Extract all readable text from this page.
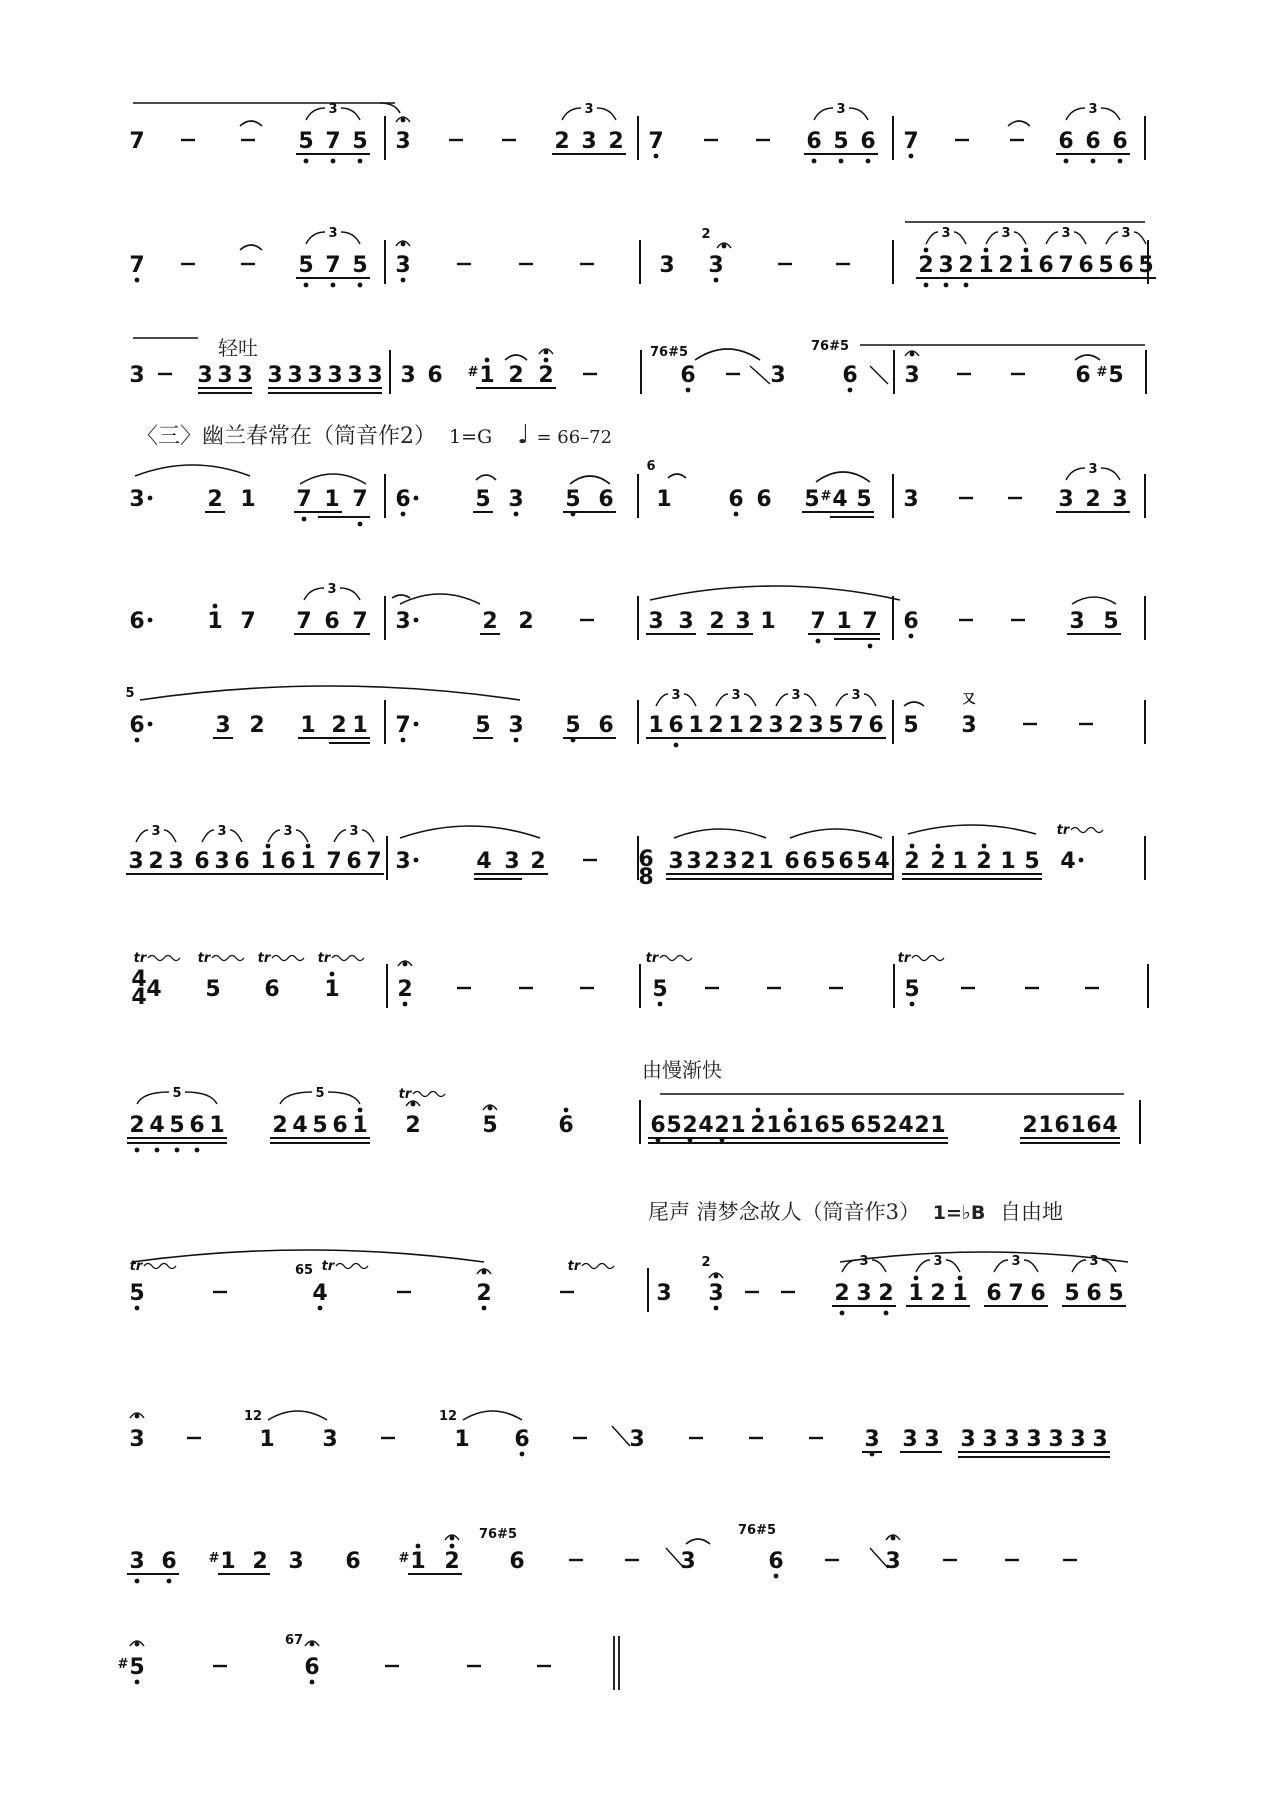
轻吐
〈三〉幽兰春常在（筒音作2） 1=G ♩ = 66–72
由慢渐快
尾声 清梦念故人（筒音作3） 1=♭B 自由地
7	5 7 5 3	2 3 2 7	6 5 6 7	6 6 6
3	3	3	3
7	5 7 5 3	3 3	2 3 2 1 2 1 6 7 6 5 6 5
3	3	3	3	3
2
3 3 3 3 3 3 3 3 3 3 3 6 1
# 2 2	6	3	6 3	6 5
#
76#5	76#5
3	2 1 7 1 7 6	5 3 5 6 1	6 6 5 4
# 5 3	3 2 3
3
6
6	1 7 7 6 7 3	2 2	3 3 2 3 1 7 1 7 6	3 5
3
5
6	3 2 1 2 1 7	5 3 5 6 1 6 1 2 1 2 3 2 3 5 7 6 5 3
3	3	3	3	又
3 2 3 6 3 6 1 6 1 7 6 7 3	4 3 2	3 3 2 3 2 1 6 6 5 6 5 4 2 2 1 2 1 5 4
3	3	3	3
6
8
tr
4
4 4 5 6 1	2	5	5
tr	tr	tr	tr	tr	tr
2 4 5 6 1 2 4 5 6 1 2	5	6	6 5 2 4 2 1 2 1 6 1 6 5 6 5 2 4 2 1	2 1 6 1 6 4
5	5	tr
5	4	2	3 3	2 3 2 1 2 1 6 7 6 5 6 5
tr	tr	tr
65
2	3	3	3	3
3	1 3	1 6	3	3 3 3 3 3 3 3 3 3 3
12	12
3 6 1
# 2 3 6 1
# 2 6	3	6	3
76#5	76#5
5
#	6
67
